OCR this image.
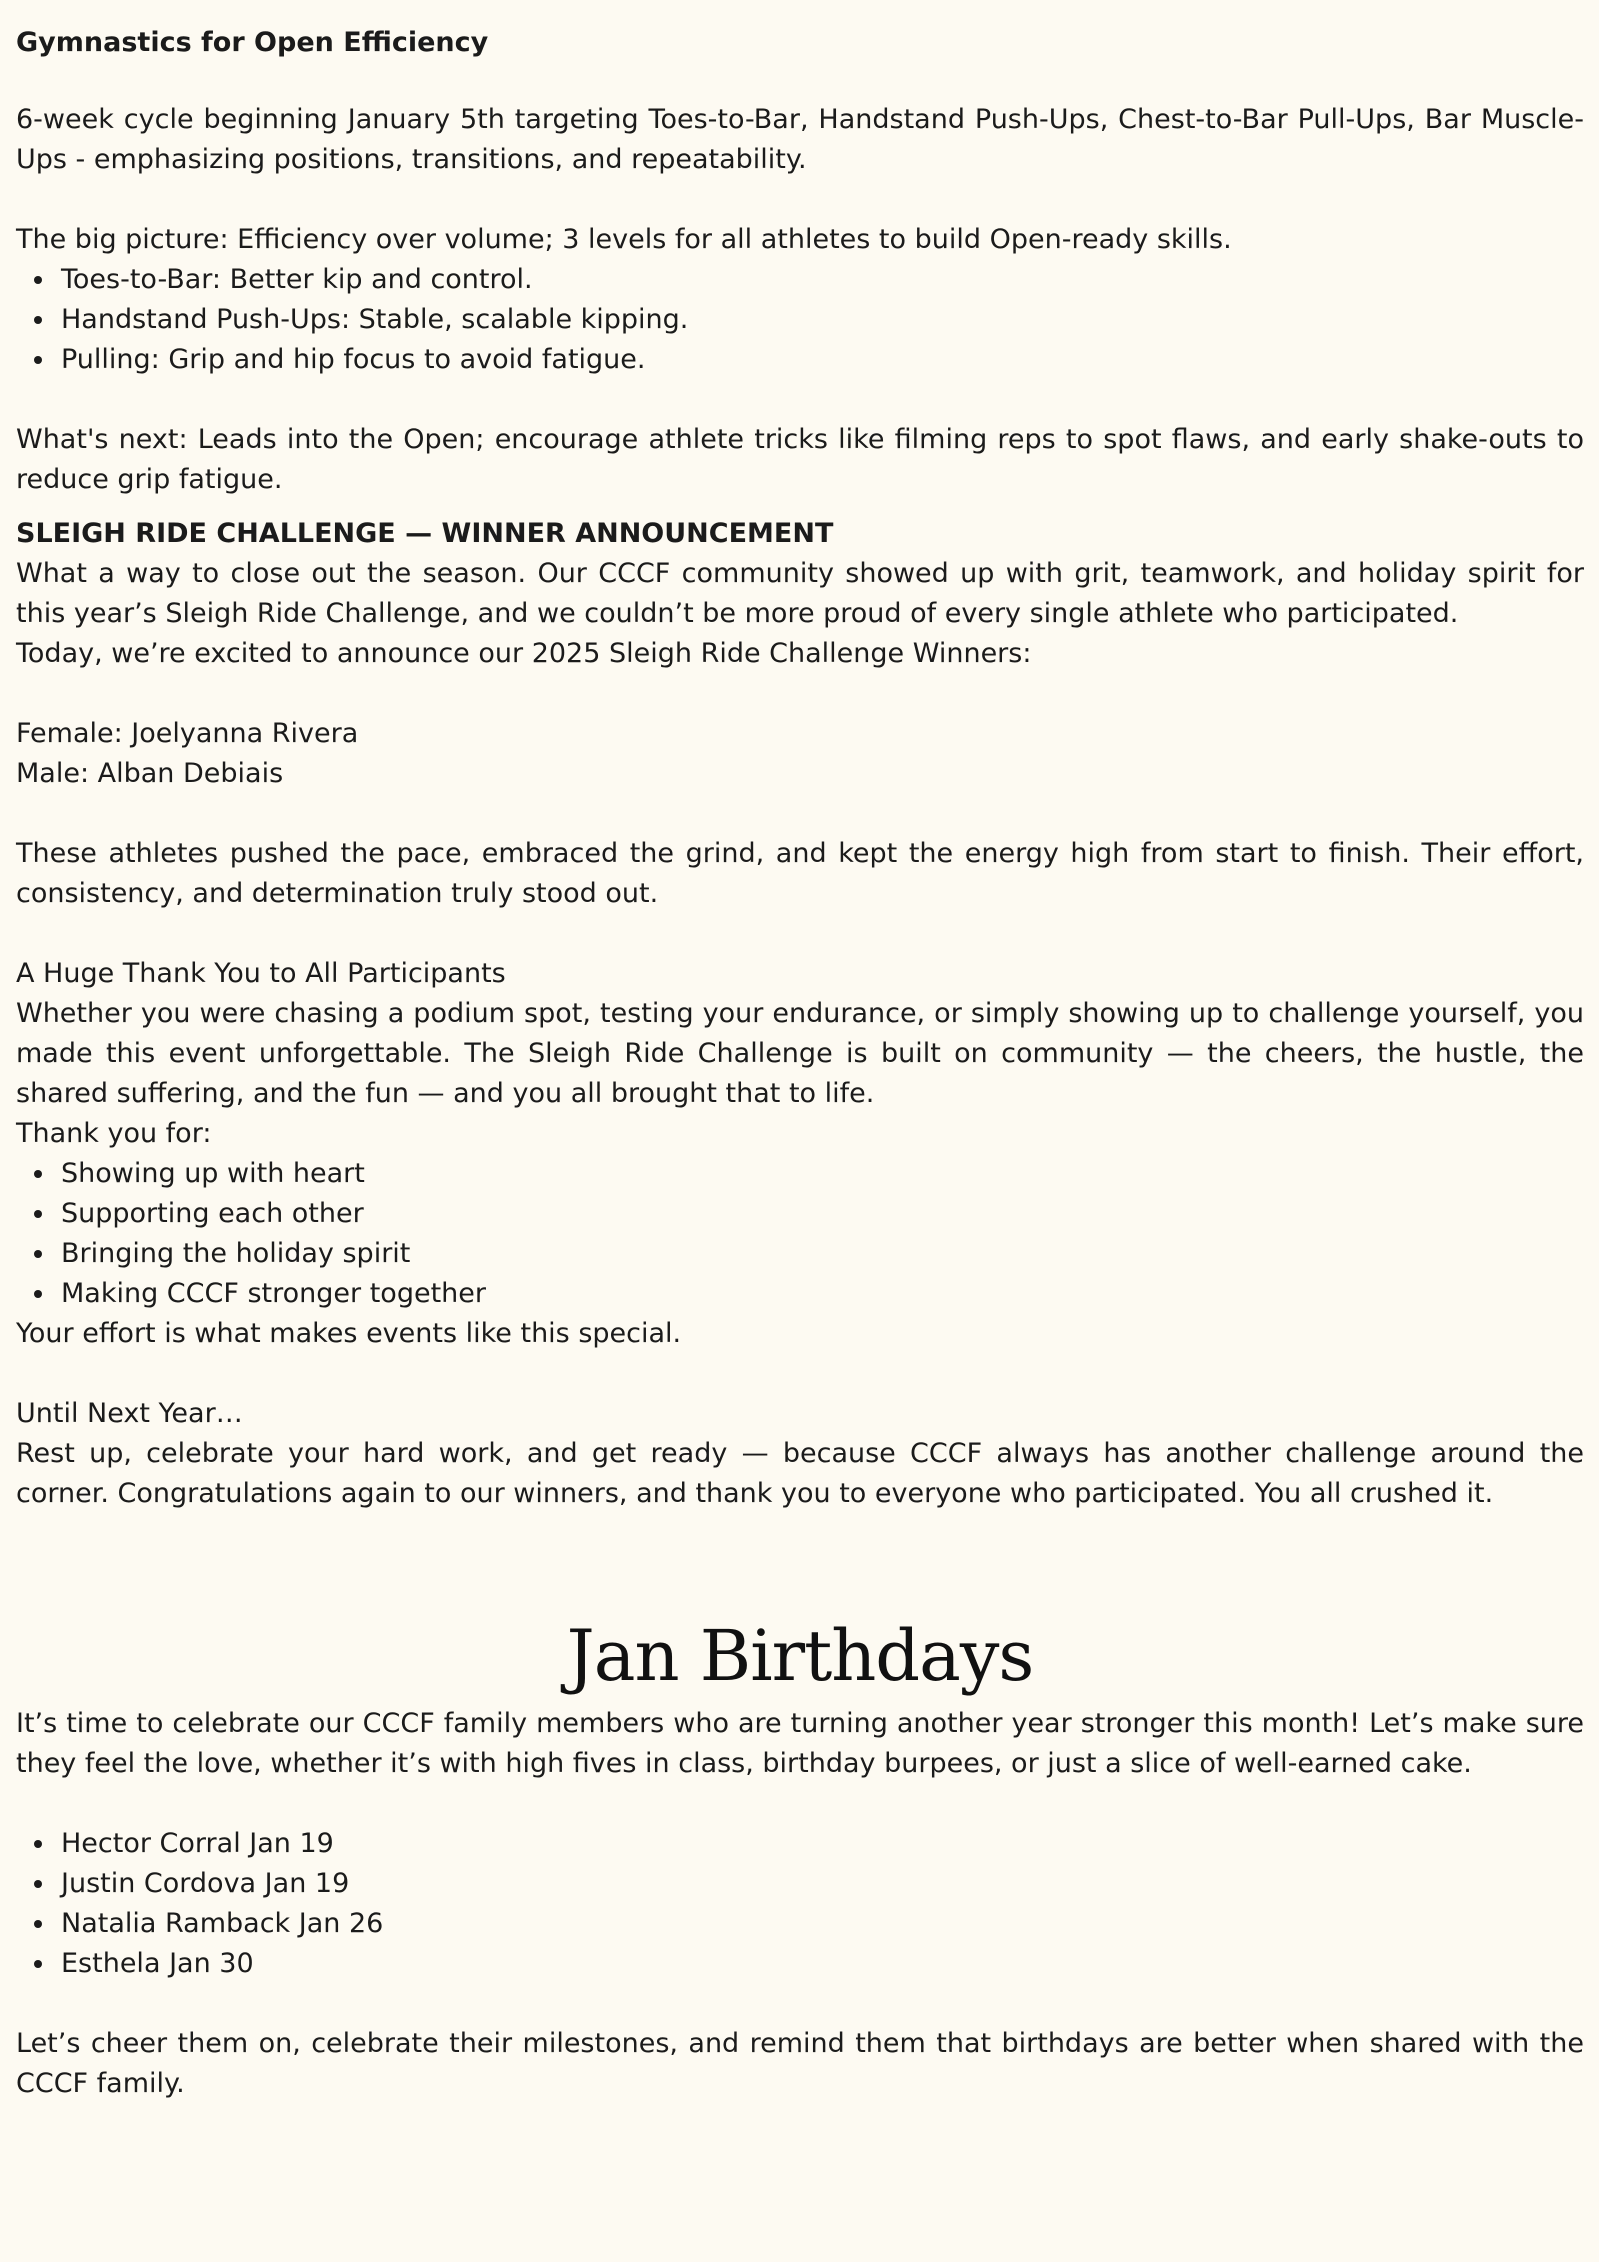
Gymnastics for Open Efficiency

6-week cycle beginning January 5th targeting Toes-to-Bar, Handstand Push-Ups, Chest-to-Bar Pull-Ups, Bar Muscle-Ups - emphasizing positions, transitions, and repeatability.

The big picture: Efficiency over volume; 3 levels for all athletes to build Open-ready skills.

Toes-to-Bar: Better kip and control.
Handstand Push-Ups: Stable, scalable kipping.
Pulling: Grip and hip focus to avoid fatigue.

What's next: Leads into the Open; encourage athlete tricks like filming reps to spot flaws, and early shake-outs to reduce grip fatigue.

SLEIGH RIDE CHALLENGE — WINNER ANNOUNCEMENT

What a way to close out the season. Our CCCF community showed up with grit, teamwork, and holiday spirit for this year’s Sleigh Ride Challenge, and we couldn’t be more proud of every single athlete who participated.

Today, we’re excited to announce our 2025 Sleigh Ride Challenge Winners:

Female: Joelyanna Rivera

Male: Alban Debiais

These athletes pushed the pace, embraced the grind, and kept the energy high from start to finish. Their effort, consistency, and determination truly stood out.

A Huge Thank You to All Participants

Whether you were chasing a podium spot, testing your endurance, or simply showing up to challenge yourself, you made this event unforgettable. The Sleigh Ride Challenge is built on community — the cheers, the hustle, the shared suffering, and the fun — and you all brought that to life.

Thank you for:

Showing up with heart
Supporting each other
Bringing the holiday spirit
Making CCCF stronger together

Your effort is what makes events like this special.

Until Next Year…

Rest up, celebrate your hard work, and get ready — because CCCF always has another challenge around the corner. Congratulations again to our winners, and thank you to everyone who participated. You all crushed it.

Jan Birthdays

It’s time to celebrate our CCCF family members who are turning another year stronger this month! Let’s make sure they feel the love, whether it’s with high fives in class, birthday burpees, or just a slice of well-earned cake.

Hector Corral Jan 19
Justin Cordova Jan 19
Natalia Ramback Jan 26
Esthela Jan 30

Let’s cheer them on, celebrate their milestones, and remind them that birthdays are better when shared with the CCCF family.
